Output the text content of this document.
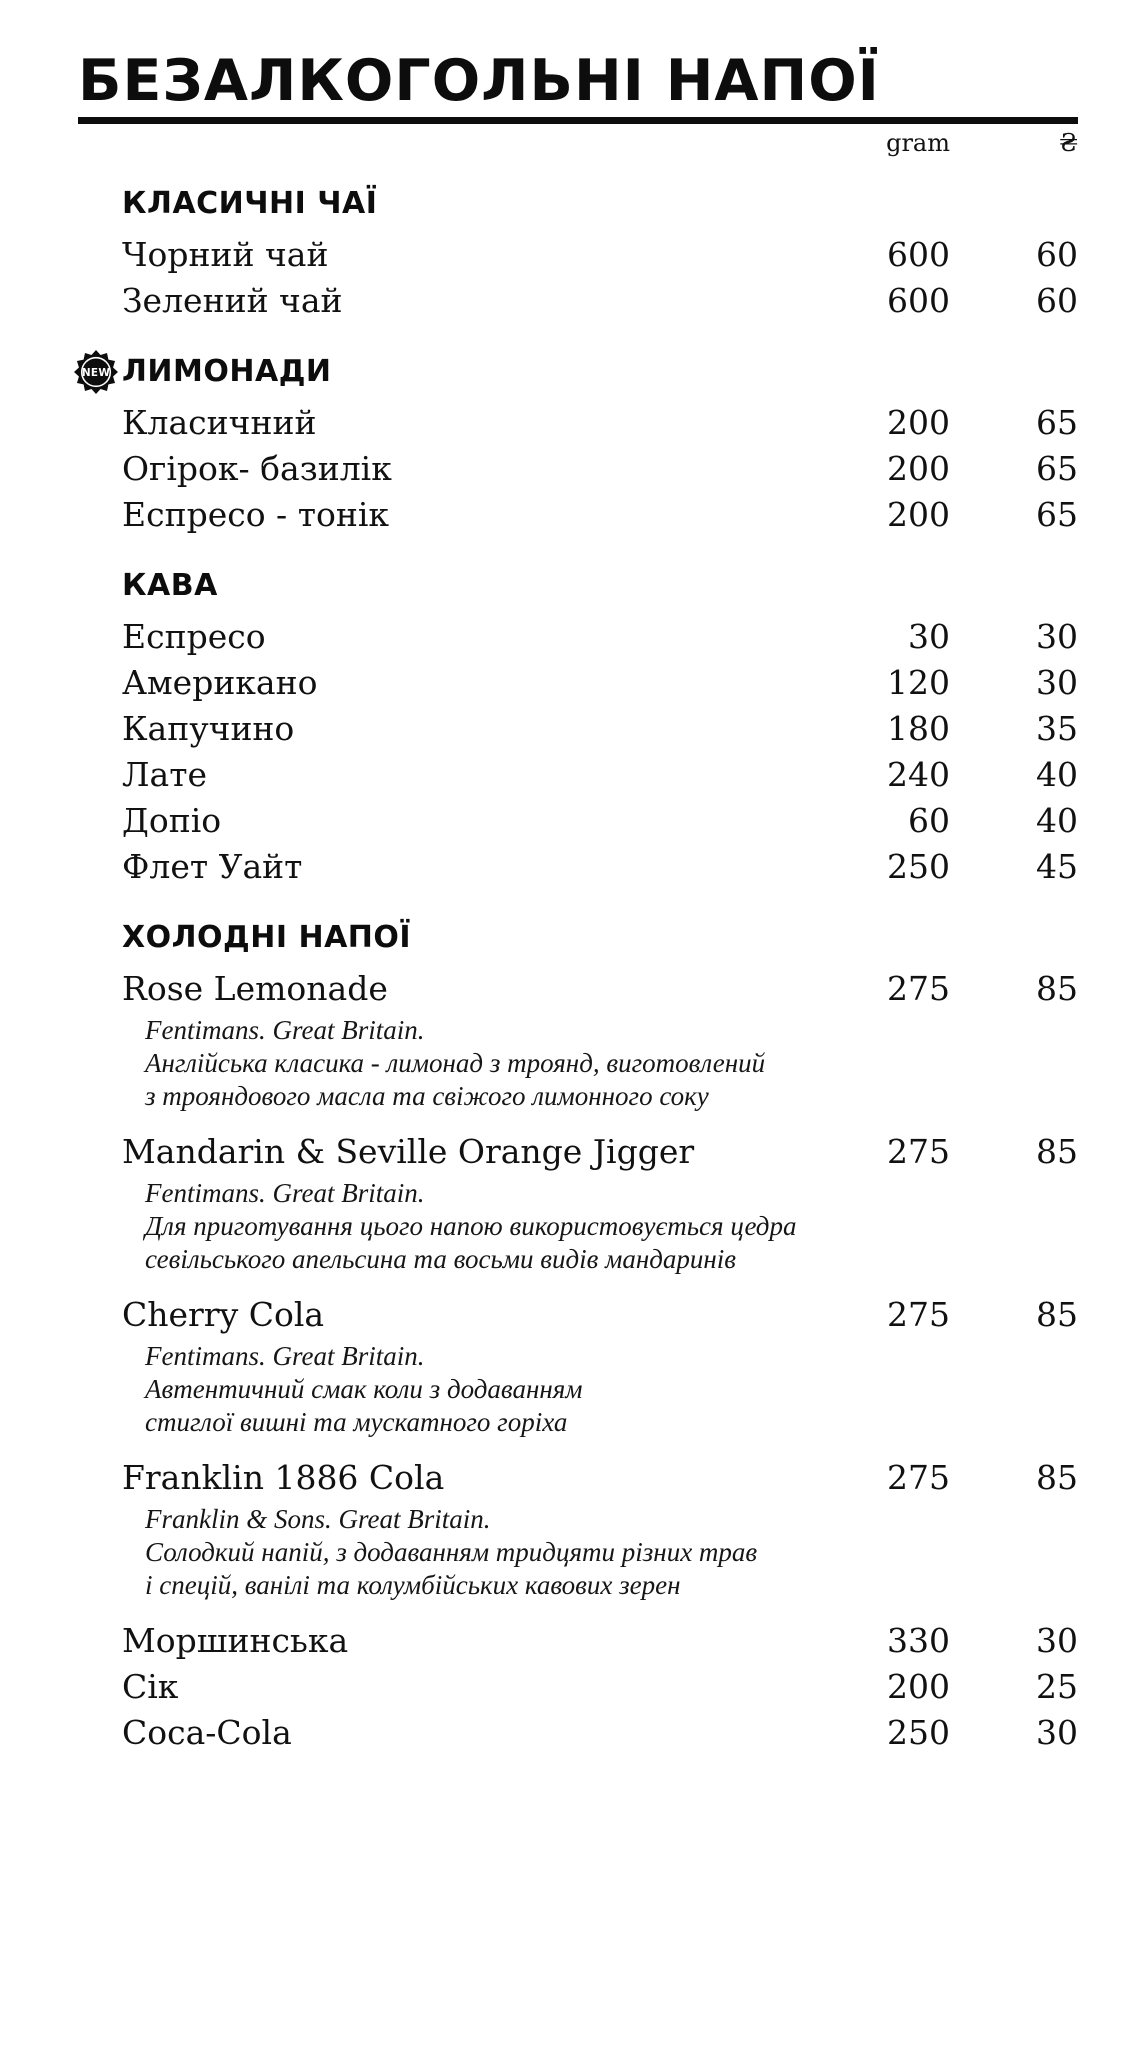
БЕЗАЛКОГОЛЬНІ НАПОЇ
gram	₴
КЛАСИЧНІ ЧАЇ
Чорний чай	600	60
Зелений чай	600	60
NEW ЛИМОНАДИ
Класичний	200	65
Огірок- базилік	200	65
Еспресо - тонік	200	65
КАВА
Еспресо	30	30
Американо	120	30
Капучино	180	35
Лате	240	40
Допіо	60	40
Флет Уайт	250	45
ХОЛОДНІ НАПОЇ
Rose Lemonade	275	85
Fentimans. Great Britain.
Англійська класика - лимонад з троянд, виготовлений
з трояндового масла та свіжого лимонного соку
Mandarin & Seville Orange Jigger	275	85
Fentimans. Great Britain.
Для приготування цього напою використовується цедра
севільського апельсина та восьми видів мандаринів
Cherry Cola	275	85
Fentimans. Great Britain.
Автентичний смак коли з додаванням
стиглої вишні та мускатного горіха
Franklin 1886 Cola	275	85
Franklin & Sons. Great Britain.
Солодкий напій, з додаванням тридцяти різних трав
і спецій, ванілі та колумбійських кавових зерен
Моршинська	330	30
Сік	200	25
Coca-Cola	250	30
